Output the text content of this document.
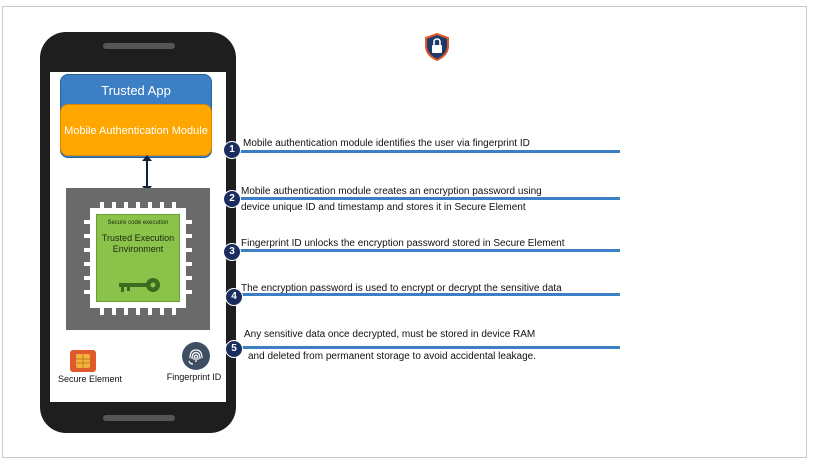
Trusted App
Mobile Authentication Module
Secure code execution
Trusted Execution
Environment
Secure Element	Fingerprint ID
1
Mobile authentication module identifies the user via fingerprint ID
2
Mobile authentication module creates an encryption password using
device unique ID and timestamp and stores it in Secure Element
3
Fingerprint ID unlocks the encryption password stored in Secure Element
4
The encryption password is used to encrypt or decrypt the sensitive data
5
Any sensitive data once decrypted, must be stored in device RAM
and deleted from permanent storage to avoid accidental leakage.
